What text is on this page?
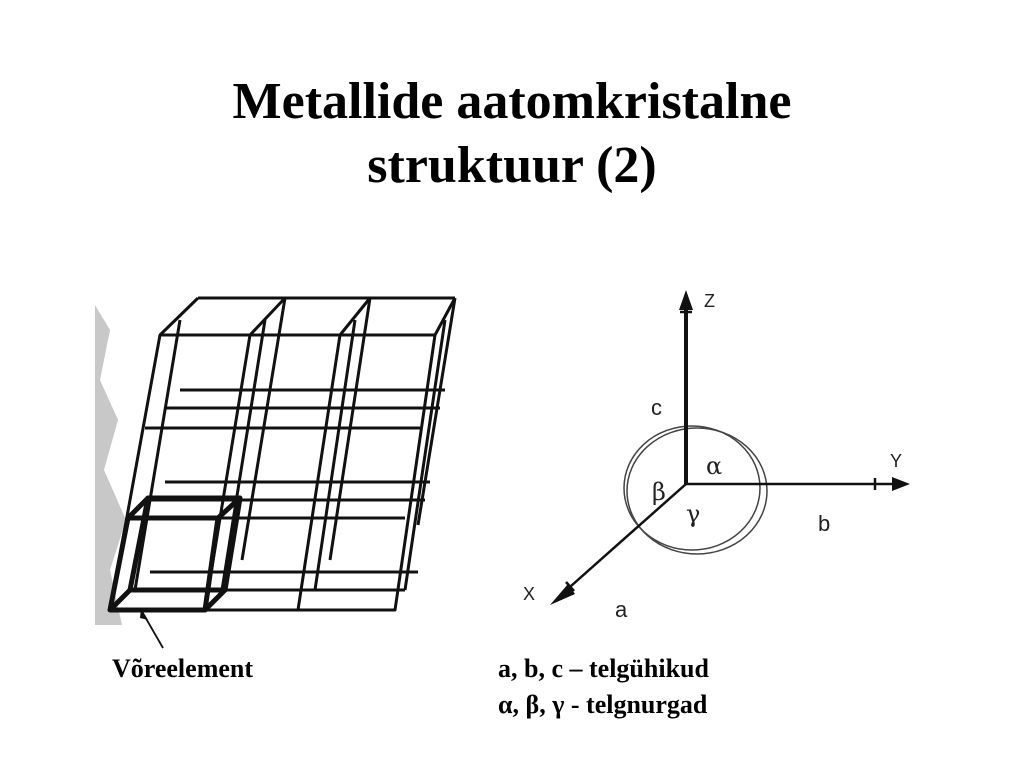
Metallide aatomkristalne
struktuur (2)
Z
Y
X
c
b
a
α
β
γ
Võreelement	a, b, c – telgühikud
α, β, γ - telgnurgad
